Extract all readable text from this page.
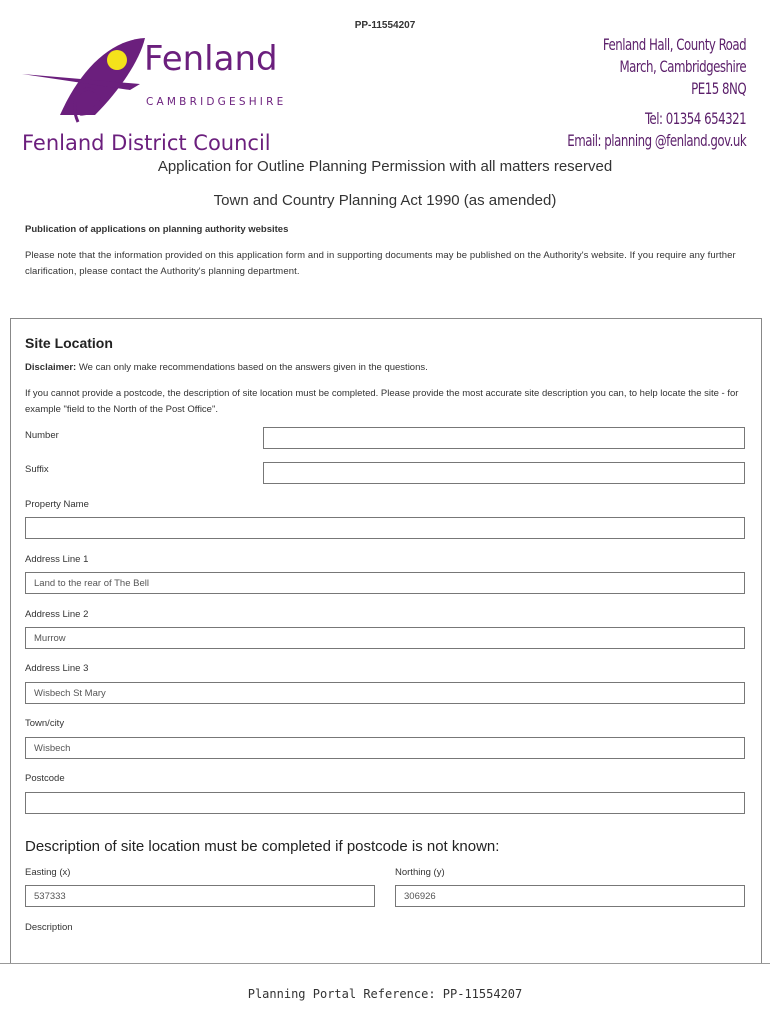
PP-11554207
Fenland
CAMBRIDGESHIRE
Fenland District Council
Fenland Hall, County Road
March, Cambridgeshire
PE15 8NQ
Tel: 01354 654321
Email: planning @fenland.gov.uk
Application for Outline Planning Permission with all matters reserved
Town and Country Planning Act 1990 (as amended)
Publication of applications on planning authority websites
Please note that the information provided on this application form and in supporting documents may be published on the Authority's website. If you require any further clarification, please contact the Authority's planning department.
Site Location
Disclaimer: We can only make recommendations based on the answers given in the questions.
If you cannot provide a postcode, the description of site location must be completed. Please provide the most accurate site description you can, to help locate the site - for example "field to the North of the Post Office".
Number
Suffix
Property Name
Address Line 1
Land to the rear of The Bell
Address Line 2
Murrow
Address Line 3
Wisbech St Mary
Town/city
Wisbech
Postcode
Description of site location must be completed if postcode is not known:
Easting (x)
537333
Northing (y)
306926
Description
Planning Portal Reference: PP-11554207
